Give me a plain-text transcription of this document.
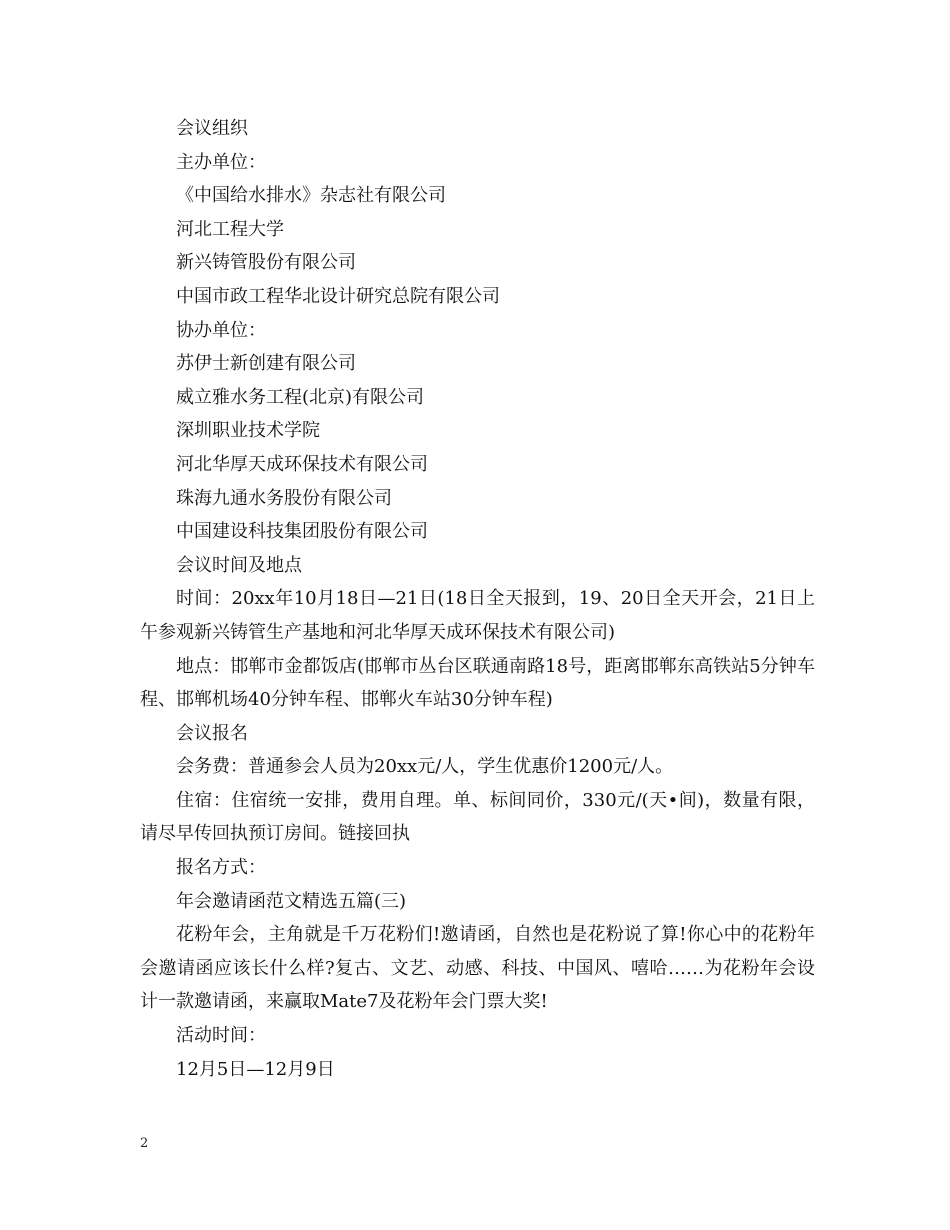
会议组织

主办单位：

《中国给水排水》杂志社有限公司

河北工程大学

新兴铸管股份有限公司

中国市政工程华北设计研究总院有限公司

协办单位：

苏伊士新创建有限公司

威立雅水务工程(北京)有限公司

深圳职业技术学院

河北华厚天成环保技术有限公司

珠海九通水务股份有限公司

中国建设科技集团股份有限公司

会议时间及地点

时间：20xx年10月18日—21日(18日全天报到，19、20日全天开会，21日上午参观新兴铸管生产基地和河北华厚天成环保技术有限公司)

地点：邯郸市金都饭店(邯郸市丛台区联通南路18号，距离邯郸东高铁站5分钟车程、邯郸机场40分钟车程、邯郸火车站30分钟车程)

会议报名

会务费：普通参会人员为20xx元/人，学生优惠价1200元/人。

住宿：住宿统一安排，费用自理。单、标间同价，330元/(天•间)，数量有限，请尽早传回执预订房间。链接回执

报名方式：

年会邀请函范文精选五篇(三)

花粉年会，主角就是千万花粉们!邀请函，自然也是花粉说了算!你心中的花粉年会邀请函应该长什么样?复古、文艺、动感、科技、中国风、嘻哈……为花粉年会设计一款邀请函，来赢取Mate7及花粉年会门票大奖!

活动时间：

12月5日—12月9日

2
